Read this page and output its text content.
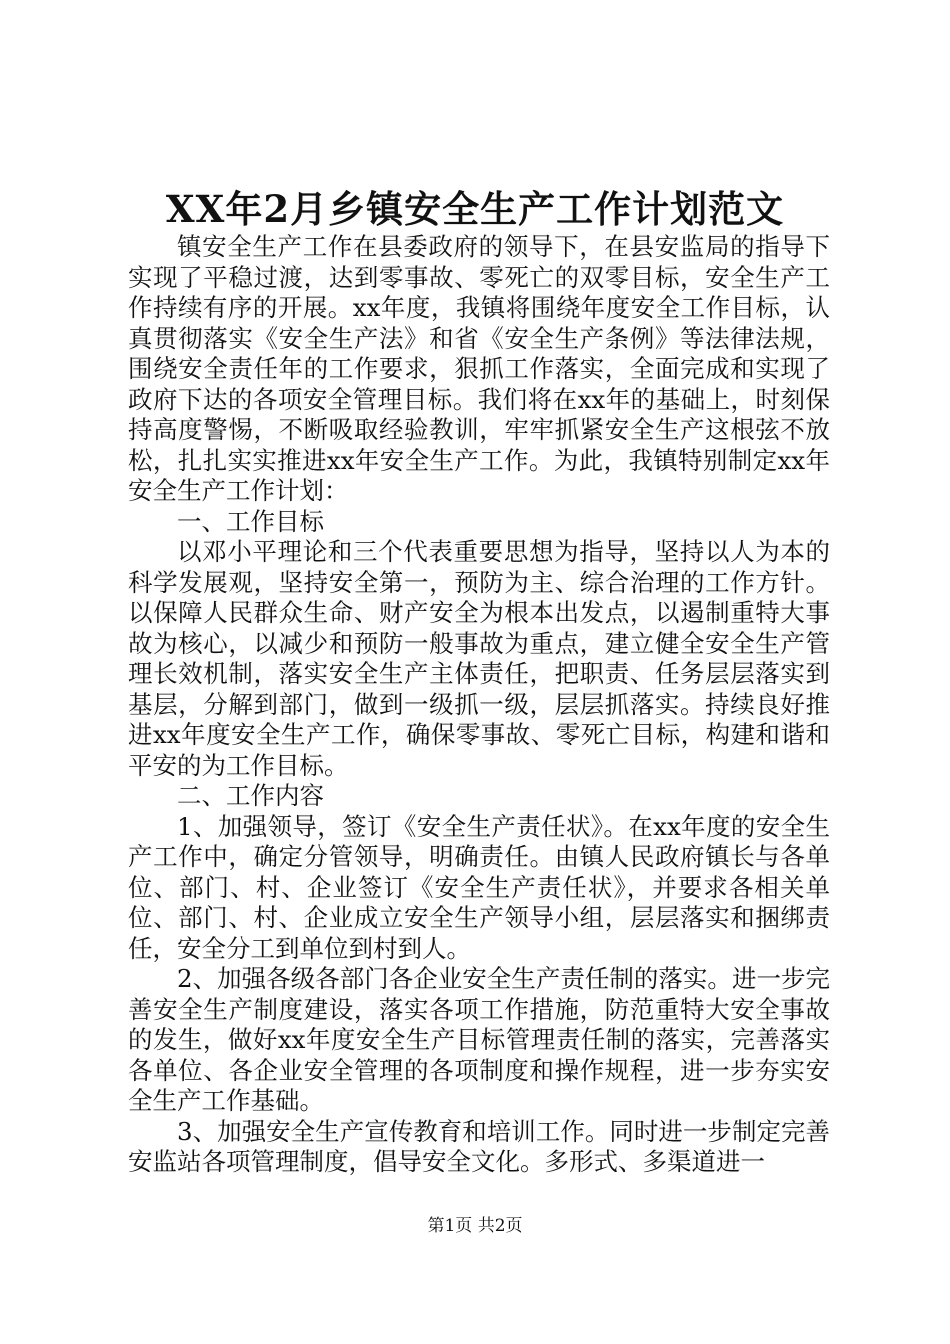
XX年2月乡镇安全生产工作计划范文

镇安全生产工作在县委政府的领导下，在县安监局的指导下实现了平稳过渡，达到零事故、零死亡的双零目标，安全生产工作持续有序的开展。xx年度，我镇将围绕年度安全工作目标，认真贯彻落实《安全生产法》和省《安全生产条例》等法律法规，围绕安全责任年的工作要求，狠抓工作落实，全面完成和实现了政府下达的各项安全管理目标。我们将在xx年的基础上，时刻保持高度警惕，不断吸取经验教训，牢牢抓紧安全生产这根弦不放松，扎扎实实推进xx年安全生产工作。为此，我镇特别制定xx年安全生产工作计划：

一、工作目标

以邓小平理论和三个代表重要思想为指导，坚持以人为本的科学发展观，坚持安全第一，预防为主、综合治理的工作方针。以保障人民群众生命、财产安全为根本出发点，以遏制重特大事故为核心，以减少和预防一般事故为重点，建立健全安全生产管理长效机制，落实安全生产主体责任，把职责、任务层层落实到基层，分解到部门，做到一级抓一级，层层抓落实。持续良好推进xx年度安全生产工作，确保零事故、零死亡目标，构建和谐和平安的为工作目标。

二、工作内容

1、加强领导，签订《安全生产责任状》。在xx年度的安全生产工作中，确定分管领导，明确责任。由镇人民政府镇长与各单位、部门、村、企业签订《安全生产责任状》，并要求各相关单位、部门、村、企业成立安全生产领导小组，层层落实和捆绑责任，安全分工到单位到村到人。

2、加强各级各部门各企业安全生产责任制的落实。进一步完善安全生产制度建设，落实各项工作措施，防范重特大安全事故的发生，做好xx年度安全生产目标管理责任制的落实，完善落实各单位、各企业安全管理的各项制度和操作规程，进一步夯实安全生产工作基础。

3、加强安全生产宣传教育和培训工作。同时进一步制定完善安监站各项管理制度，倡导安全文化。多形式、多渠道进一

第1页 共2页
